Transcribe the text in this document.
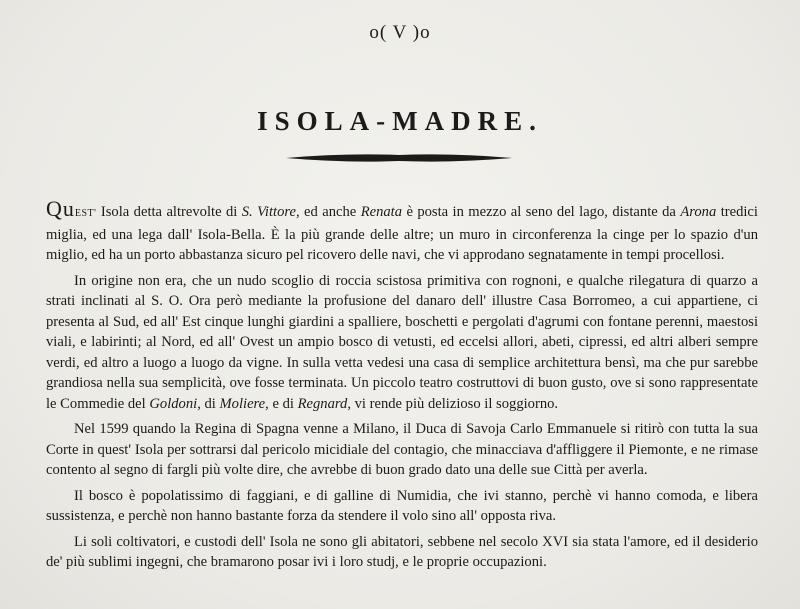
o( V )o
ISOLA-MADRE.

QuEST' Isola detta altrevolte di S. Vittore, ed anche Renata è posta in mezzo al seno del lago, distante da Arona tredici miglia, ed una lega dall' Isola-Bella. È la più grande delle altre; un muro in circonferenza la cinge per lo spazio d'un miglio, ed ha un porto abbastanza sicuro pel ricovero delle navi, che vi approdano segnatamente in tempi procellosi.

In origine non era, che un nudo scoglio di roccia scistosa primitiva con rognoni, e qualche rilegatura di quarzo a strati inclinati al S. O. Ora però mediante la profusione del danaro dell' illustre Casa Borromeo, a cui appartiene, ci presenta al Sud, ed all' Est cinque lunghi giardini a spalliere, boschetti e pergolati d'agrumi con fontane perenni, maestosi viali, e labirinti; al Nord, ed all' Ovest un ampio bosco di vetusti, ed eccelsi allori, abeti, cipressi, ed altri alberi sempre verdi, ed altro a luogo a luogo da vigne. In sulla vetta vedesi una casa di semplice architettura bensì, ma che pur sarebbe grandiosa nella sua semplicità, ove fosse terminata. Un piccolo teatro costruttovi di buon gusto, ove si sono rappresentate le Commedie del Goldoni, di Moliere, e di Regnard, vi rende più delizioso il soggiorno.

Nel 1599 quando la Regina di Spagna venne a Milano, il Duca di Savoja Carlo Emmanuele si ritirò con tutta la sua Corte in quest' Isola per sottrarsi dal pericolo micidiale del contagio, che minacciava d'affliggere il Piemonte, e ne rimase contento al segno di fargli più volte dire, che avrebbe di buon grado dato una delle sue Città per averla.

Il bosco è popolatissimo di faggiani, e di galline di Numidia, che ivi stanno, perchè vi hanno comoda, e libera sussistenza, e perchè non hanno bastante forza da stendere il volo sino all' opposta riva.

Li soli coltivatori, e custodi dell' Isola ne sono gli abitatori, sebbene nel secolo XVI sia stata l'amore, ed il desiderio de' più sublimi ingegni, che bramarono posar ivi i loro studj, e le proprie occupazioni.
